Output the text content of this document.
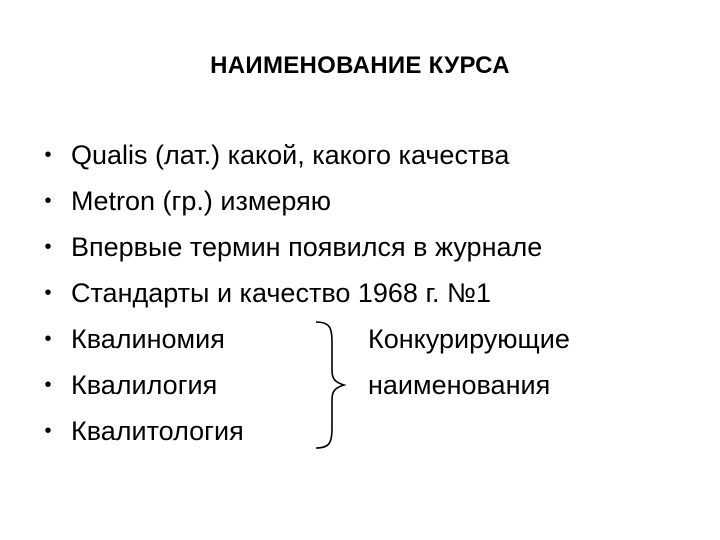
НАИМЕНОВАНИЕ КУРСА
• Qualis (лат.) какой, какого качества
• Metron (гр.) измеряю
• Впервые термин появился в журнале
• Стандарты и качество 1968 г. №1
• Квалиномия
• Квалилогия
• Квалитология
Конкурирующие
наименования
